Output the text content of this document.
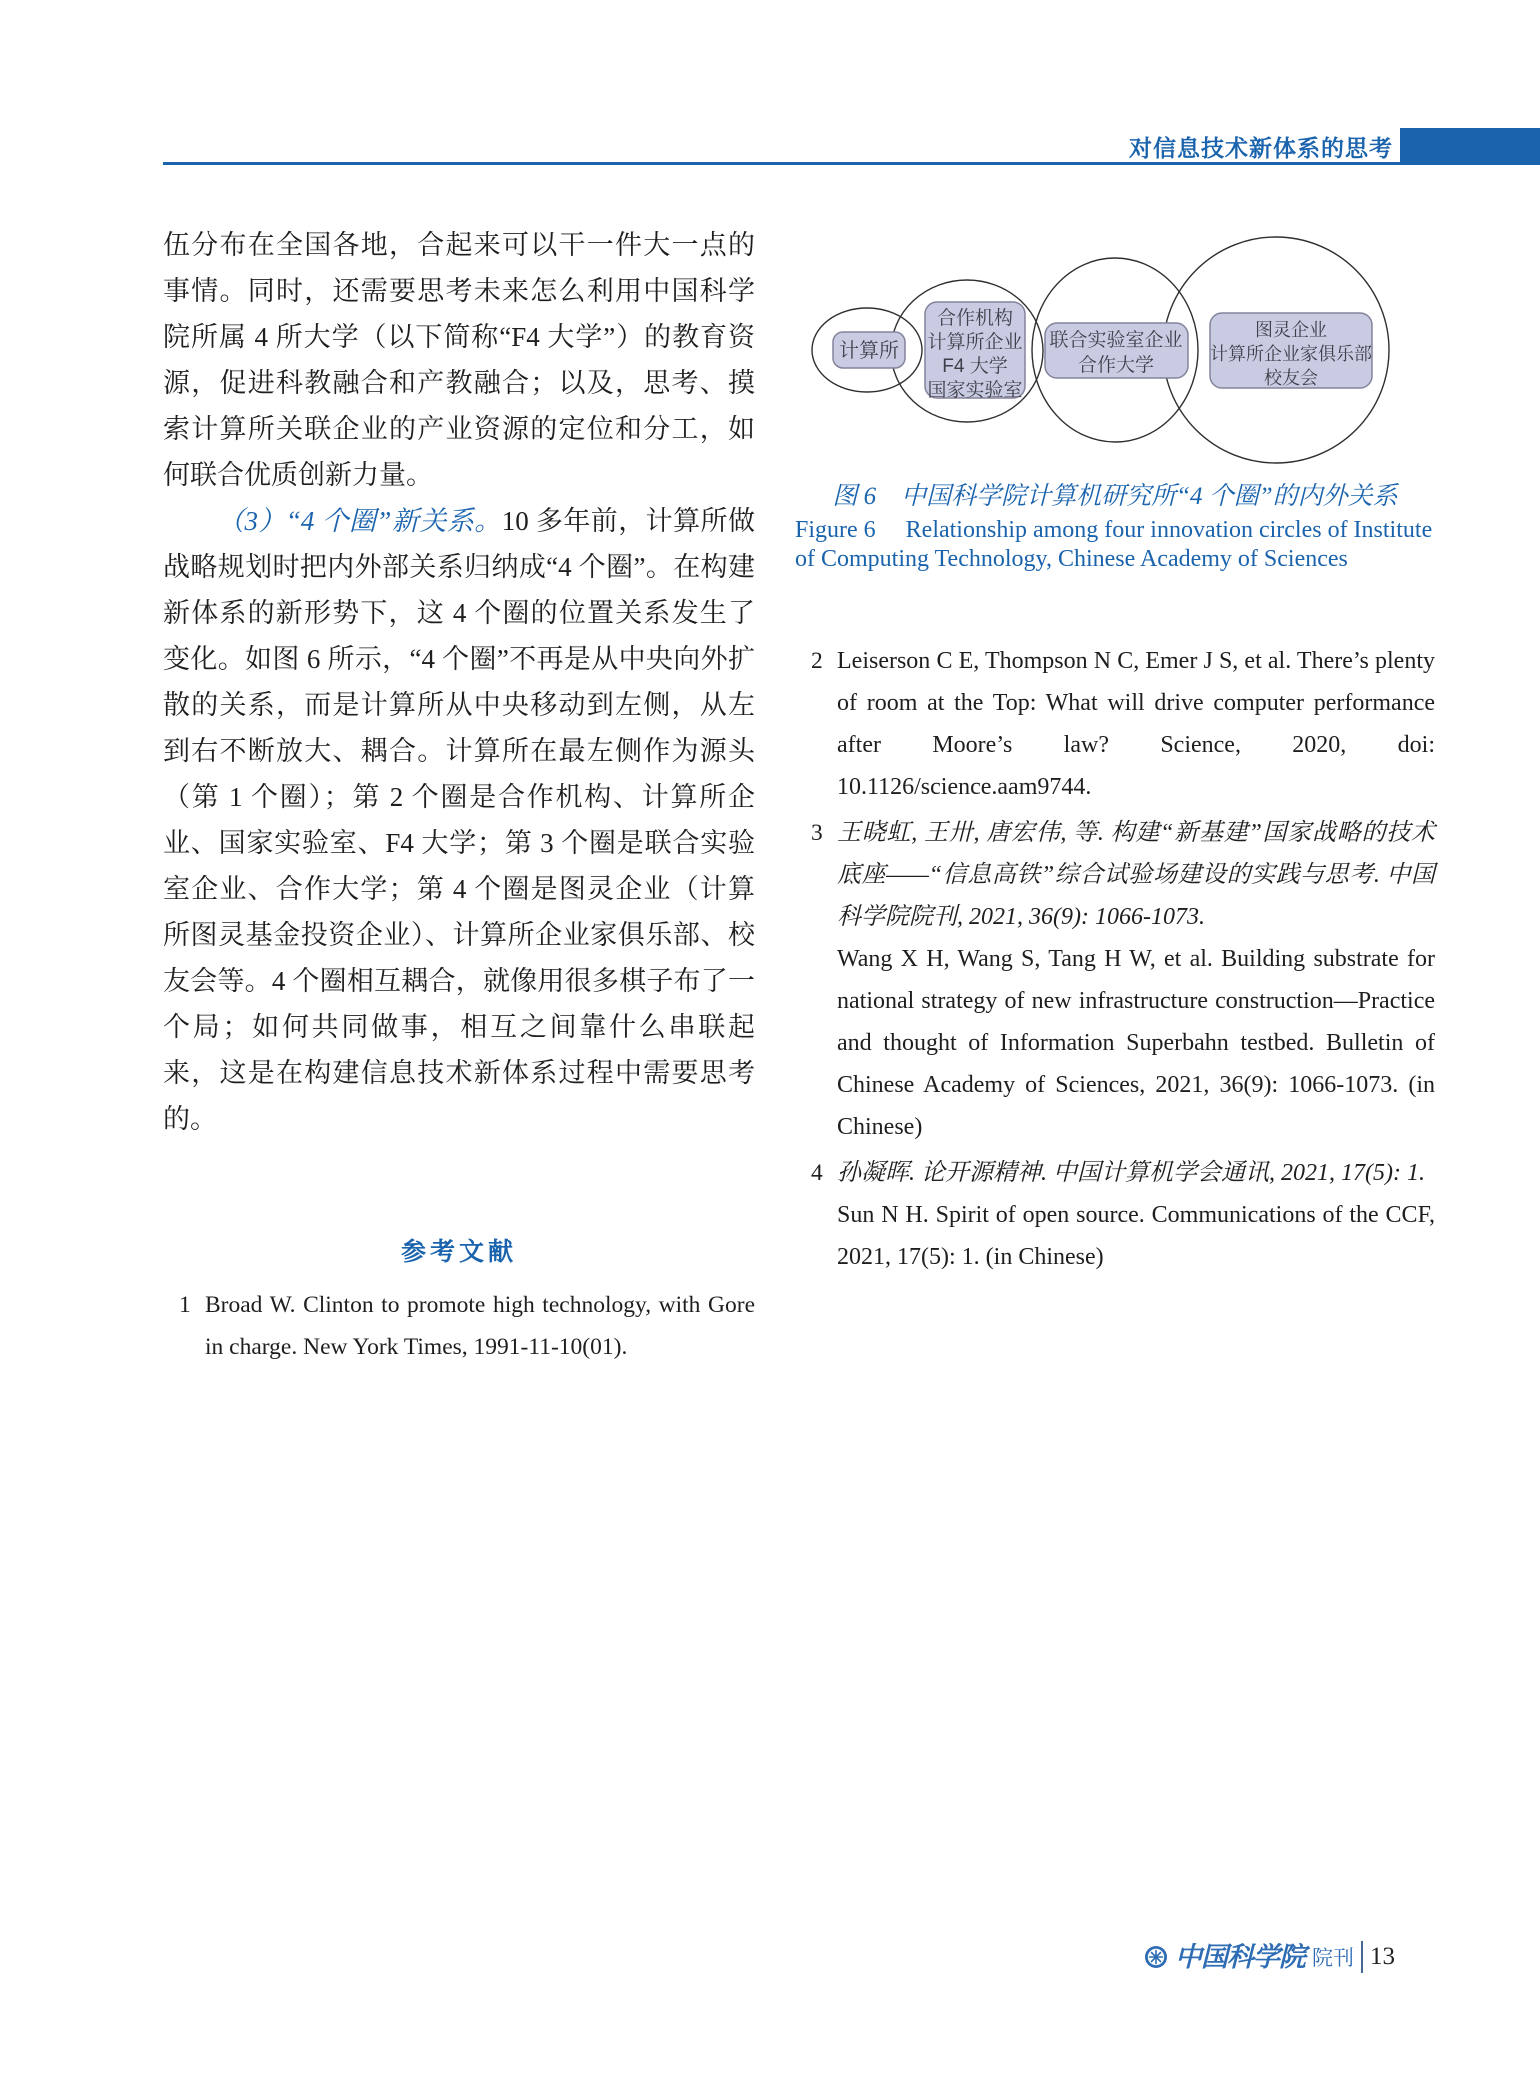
对信息技术新体系的思考

伍分布在全国各地，合起来可以干一件大一点的事情。同时，还需要思考未来怎么利用中国科学院所属 4 所大学（以下简称“F4 大学”）的教育资源，促进科教融合和产教融合；以及，思考、摸索计算所关联企业的产业资源的定位和分工，如何联合优质创新力量。

（3）“4 个圈”新关系。10 多年前，计算所做战略规划时把内外部关系归纳成“4 个圈”。在构建新体系的新形势下，这 4 个圈的位置关系发生了变化。如图 6 所示，“4 个圈”不再是从中央向外扩散的关系，而是计算所从中央移动到左侧，从左到右不断放大、耦合。计算所在最左侧作为源头（第 1 个圈）；第 2 个圈是合作机构、计算所企业、国家实验室、F4 大学；第 3 个圈是联合实验室企业、合作大学；第 4 个圈是图灵企业（计算所图灵基金投资企业）、计算所企业家俱乐部、校友会等。4 个圈相互耦合，就像用很多棋子布了一个局；如何共同做事，相互之间靠什么串联起来，这是在构建信息技术新体系过程中需要思考的。

参考文献
1 Broad W. Clinton to promote high technology, with Gore in charge. New York Times, 1991-11-10(01).

计算所
合作机构
计算所企业
F4 大学
国家实验室
联合实验室企业
合作大学
图灵企业
计算所企业家俱乐部
校友会
图 6　中国科学院计算机研究所“4 个圈”的内外关系
Figure 6　 Relationship among four innovation circles of Institute of Computing Technology, Chinese Academy of Sciences
2 Leiserson C E, Thompson N C, Emer J S, et al. There’s plenty of room at the Top: What will drive computer performance after Moore’s law? Science, 2020, doi: 10.1126/science.aam9744.

3 王晓虹, 王卅, 唐宏伟, 等. 构建“新基建”国家战略的技术底座——“信息高铁”综合试验场建设的实践与思考. 中国科学院院刊, 2021, 36(9): 1066-1073.

Wang X H, Wang S, Tang H W, et al. Building substrate for national strategy of new infrastructure construction—Practice and thought of Information Superbahn testbed. Bulletin of Chinese Academy of Sciences, 2021, 36(9): 1066-1073. (in Chinese)

4 孙凝晖. 论开源精神. 中国计算机学会通讯, 2021, 17(5): 1.

Sun N H. Spirit of open source. Communications of the CCF, 2021, 17(5): 1. (in Chinese)

中国科学院 院刊 13
